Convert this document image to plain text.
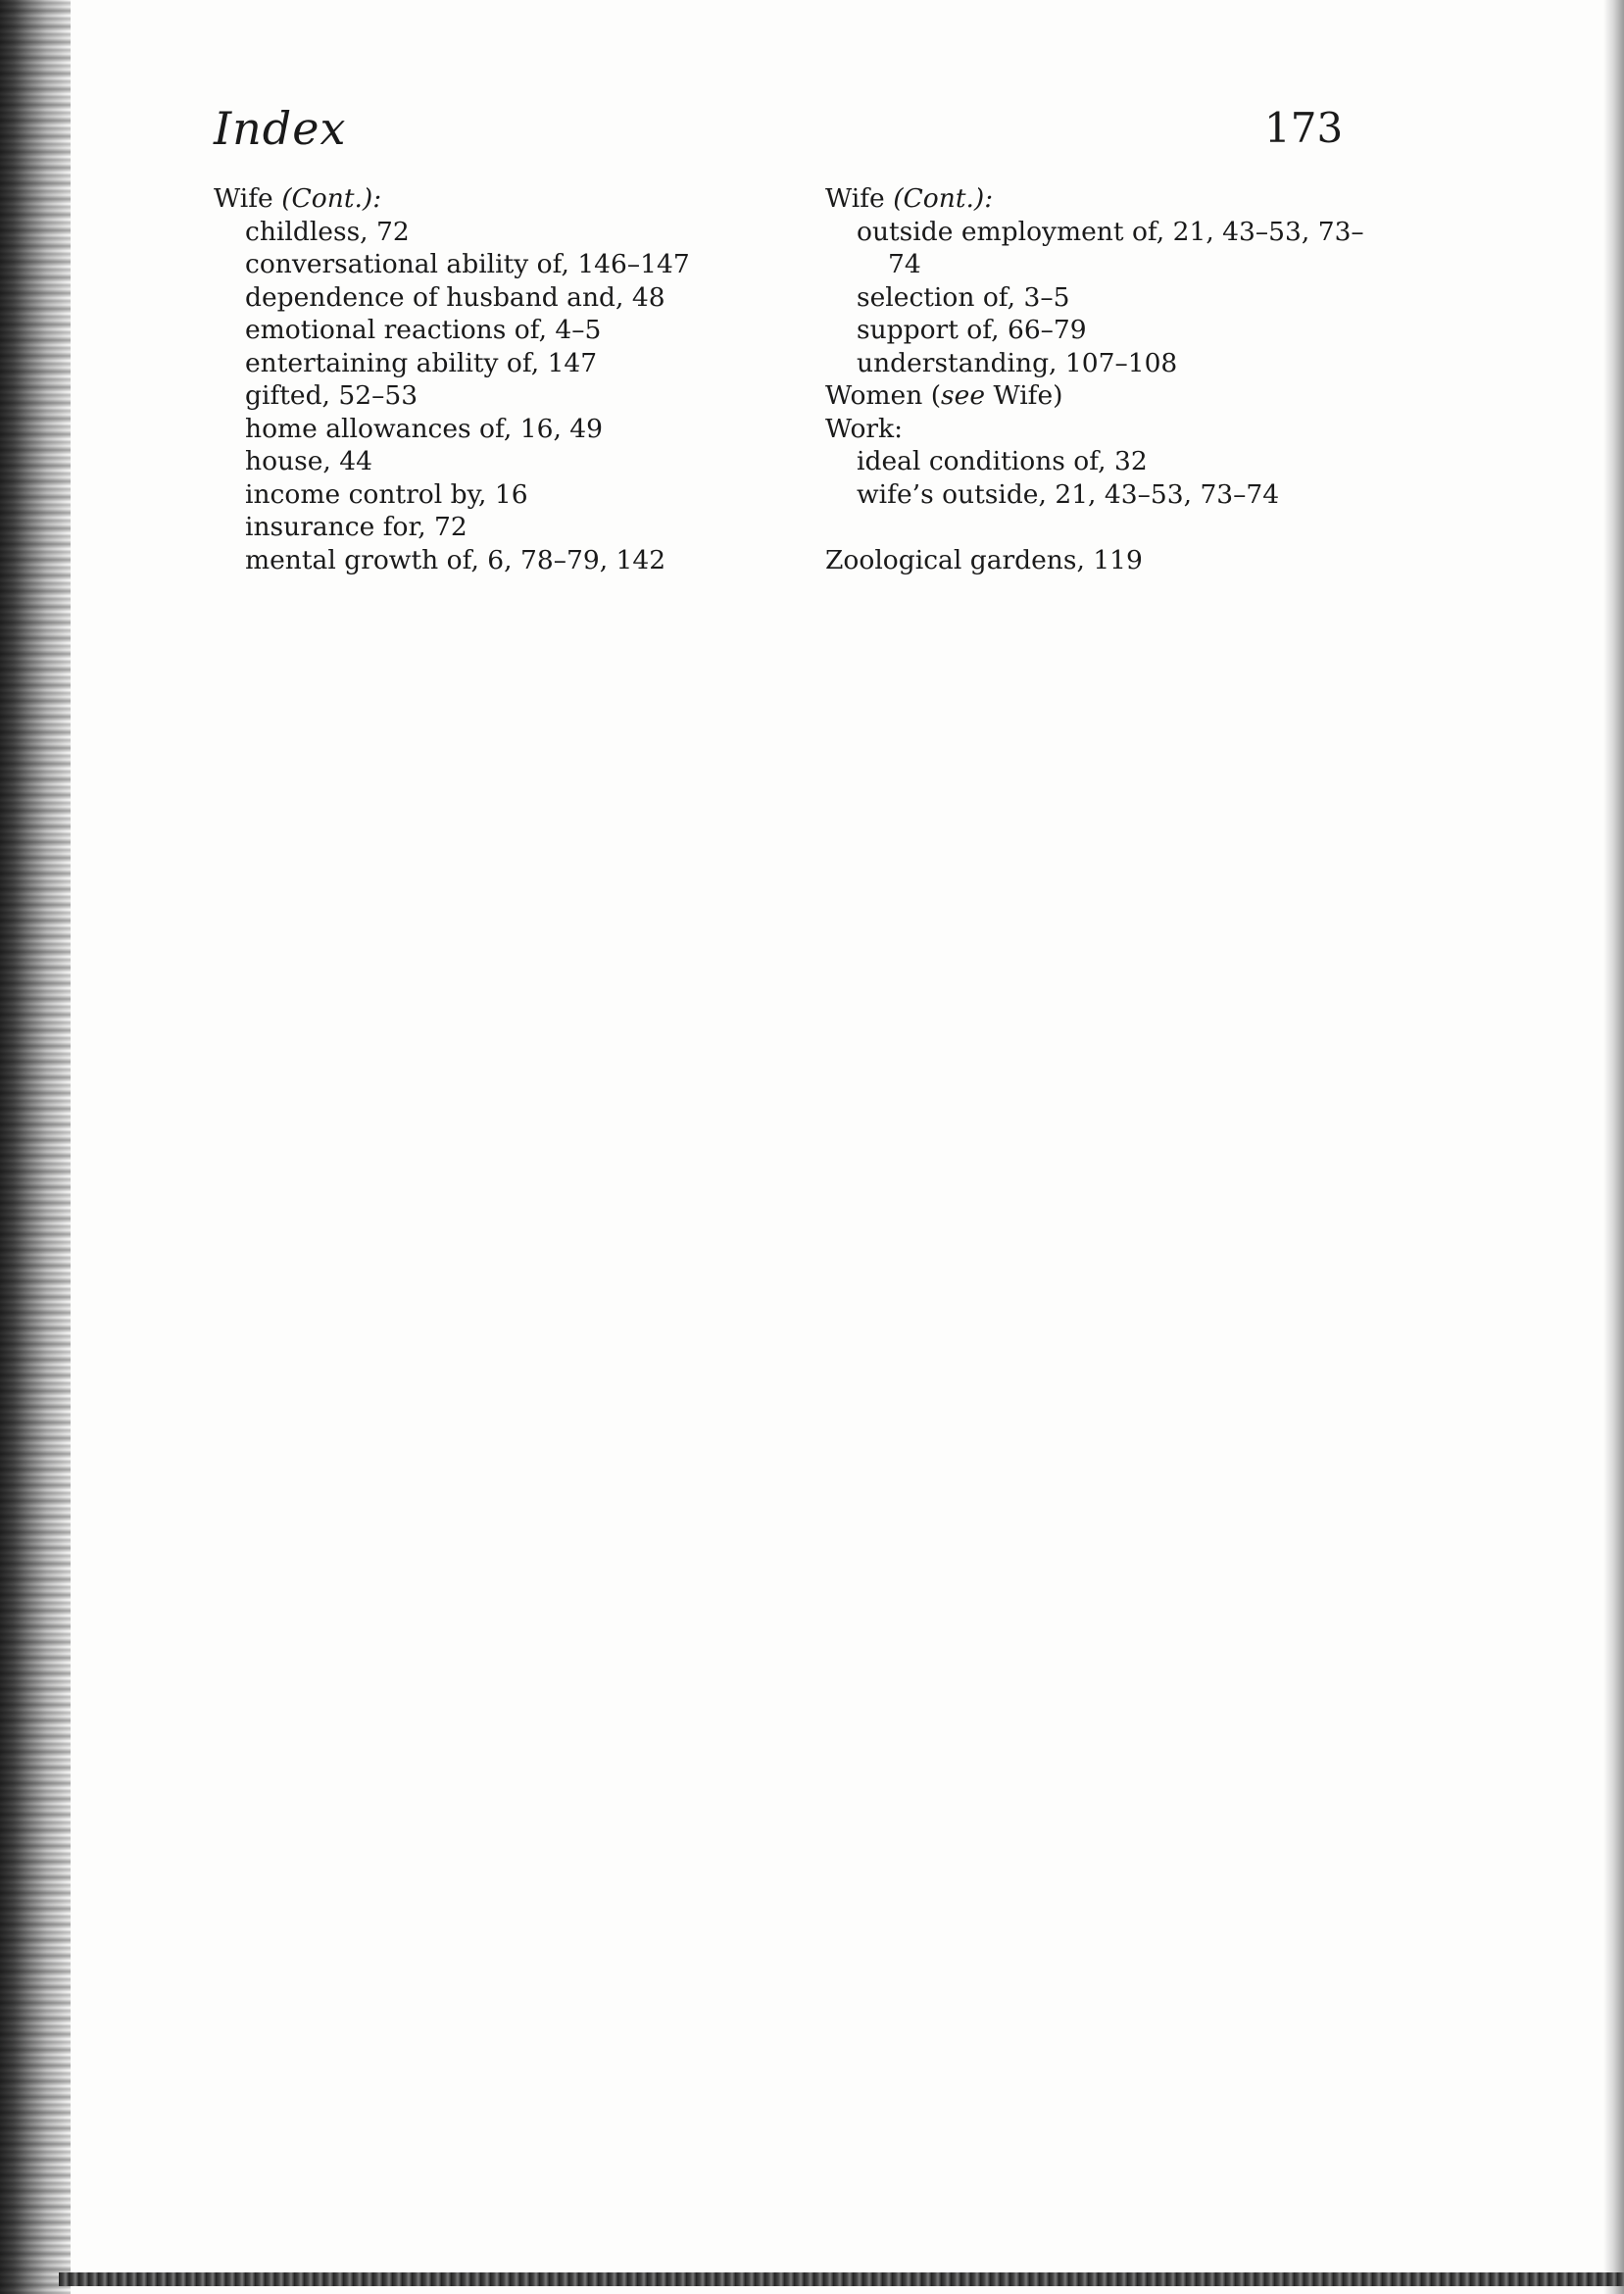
Index	173
Wife (Cont.):
childless, 72
conversational ability of, 146–147
dependence of husband and, 48
emotional reactions of, 4–5
entertaining ability of, 147
gifted, 52–53
home allowances of, 16, 49
house, 44
income control by, 16
insurance for, 72
mental growth of, 6, 78–79, 142
Wife (Cont.):
outside employment of, 21, 43–53, 73–
74
selection of, 3–5
support of, 66–79
understanding, 107–108
Women (see Wife)
Work:
ideal conditions of, 32
wife’s outside, 21, 43–53, 73–74
Zoological gardens, 119
